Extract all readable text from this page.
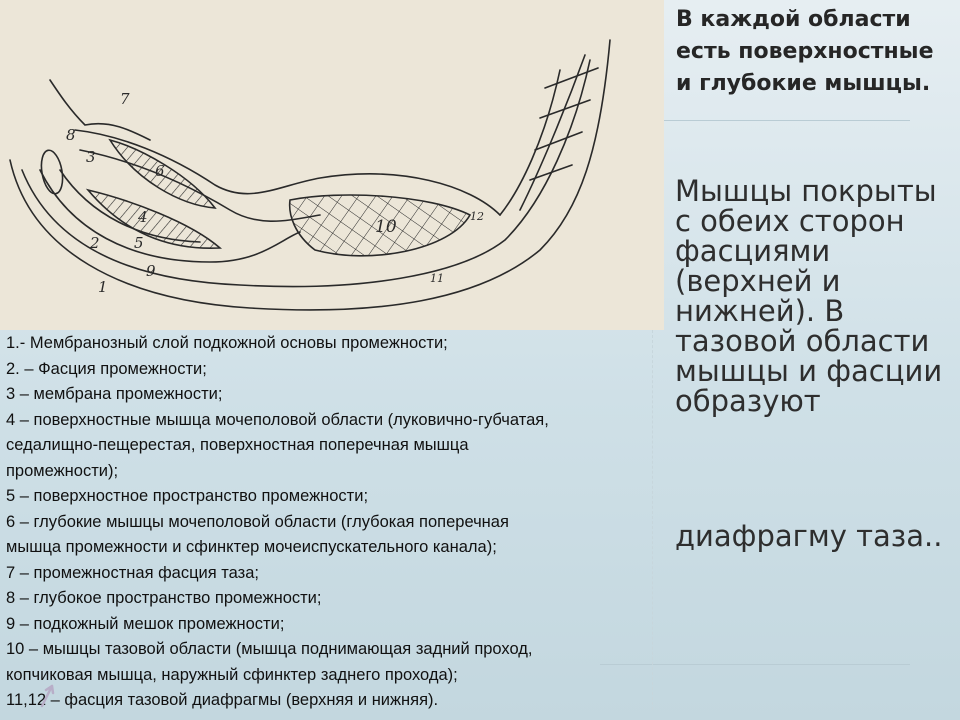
1
2
3
4
5
6
7
8
9
10
11
12
В каждой области есть поверхностные и глубокие мышцы.
Мышцы покрыты с обеих сторон фасциями (верхней и нижней). В тазовой области мышцы и фасции образуют
диафрагму таза..
1.- Мембранозный слой подкожной основы промежности;
2. – Фасция промежности;
3 – мембрана промежности;
4 – поверхностные мышца мочеполовой области (луковично-губчатая,
седалищно-пещерестая, поверхностная поперечная мышца
промежности);
5 – поверхностное пространство промежности;
6 – глубокие мышцы мочеполовой области (глубокая поперечная
мышца промежности и сфинктер мочеиспускательного канала);
7 – промежностная фасция таза;
8 – глубокое пространство промежности;
9 – подкожный мешок промежности;
10 – мышцы тазовой области (мышца поднимающая задний проход,
копчиковая мышца, наружный сфинктер заднего прохода);
11,12 – фасция тазовой диафрагмы (верхняя и нижняя).
